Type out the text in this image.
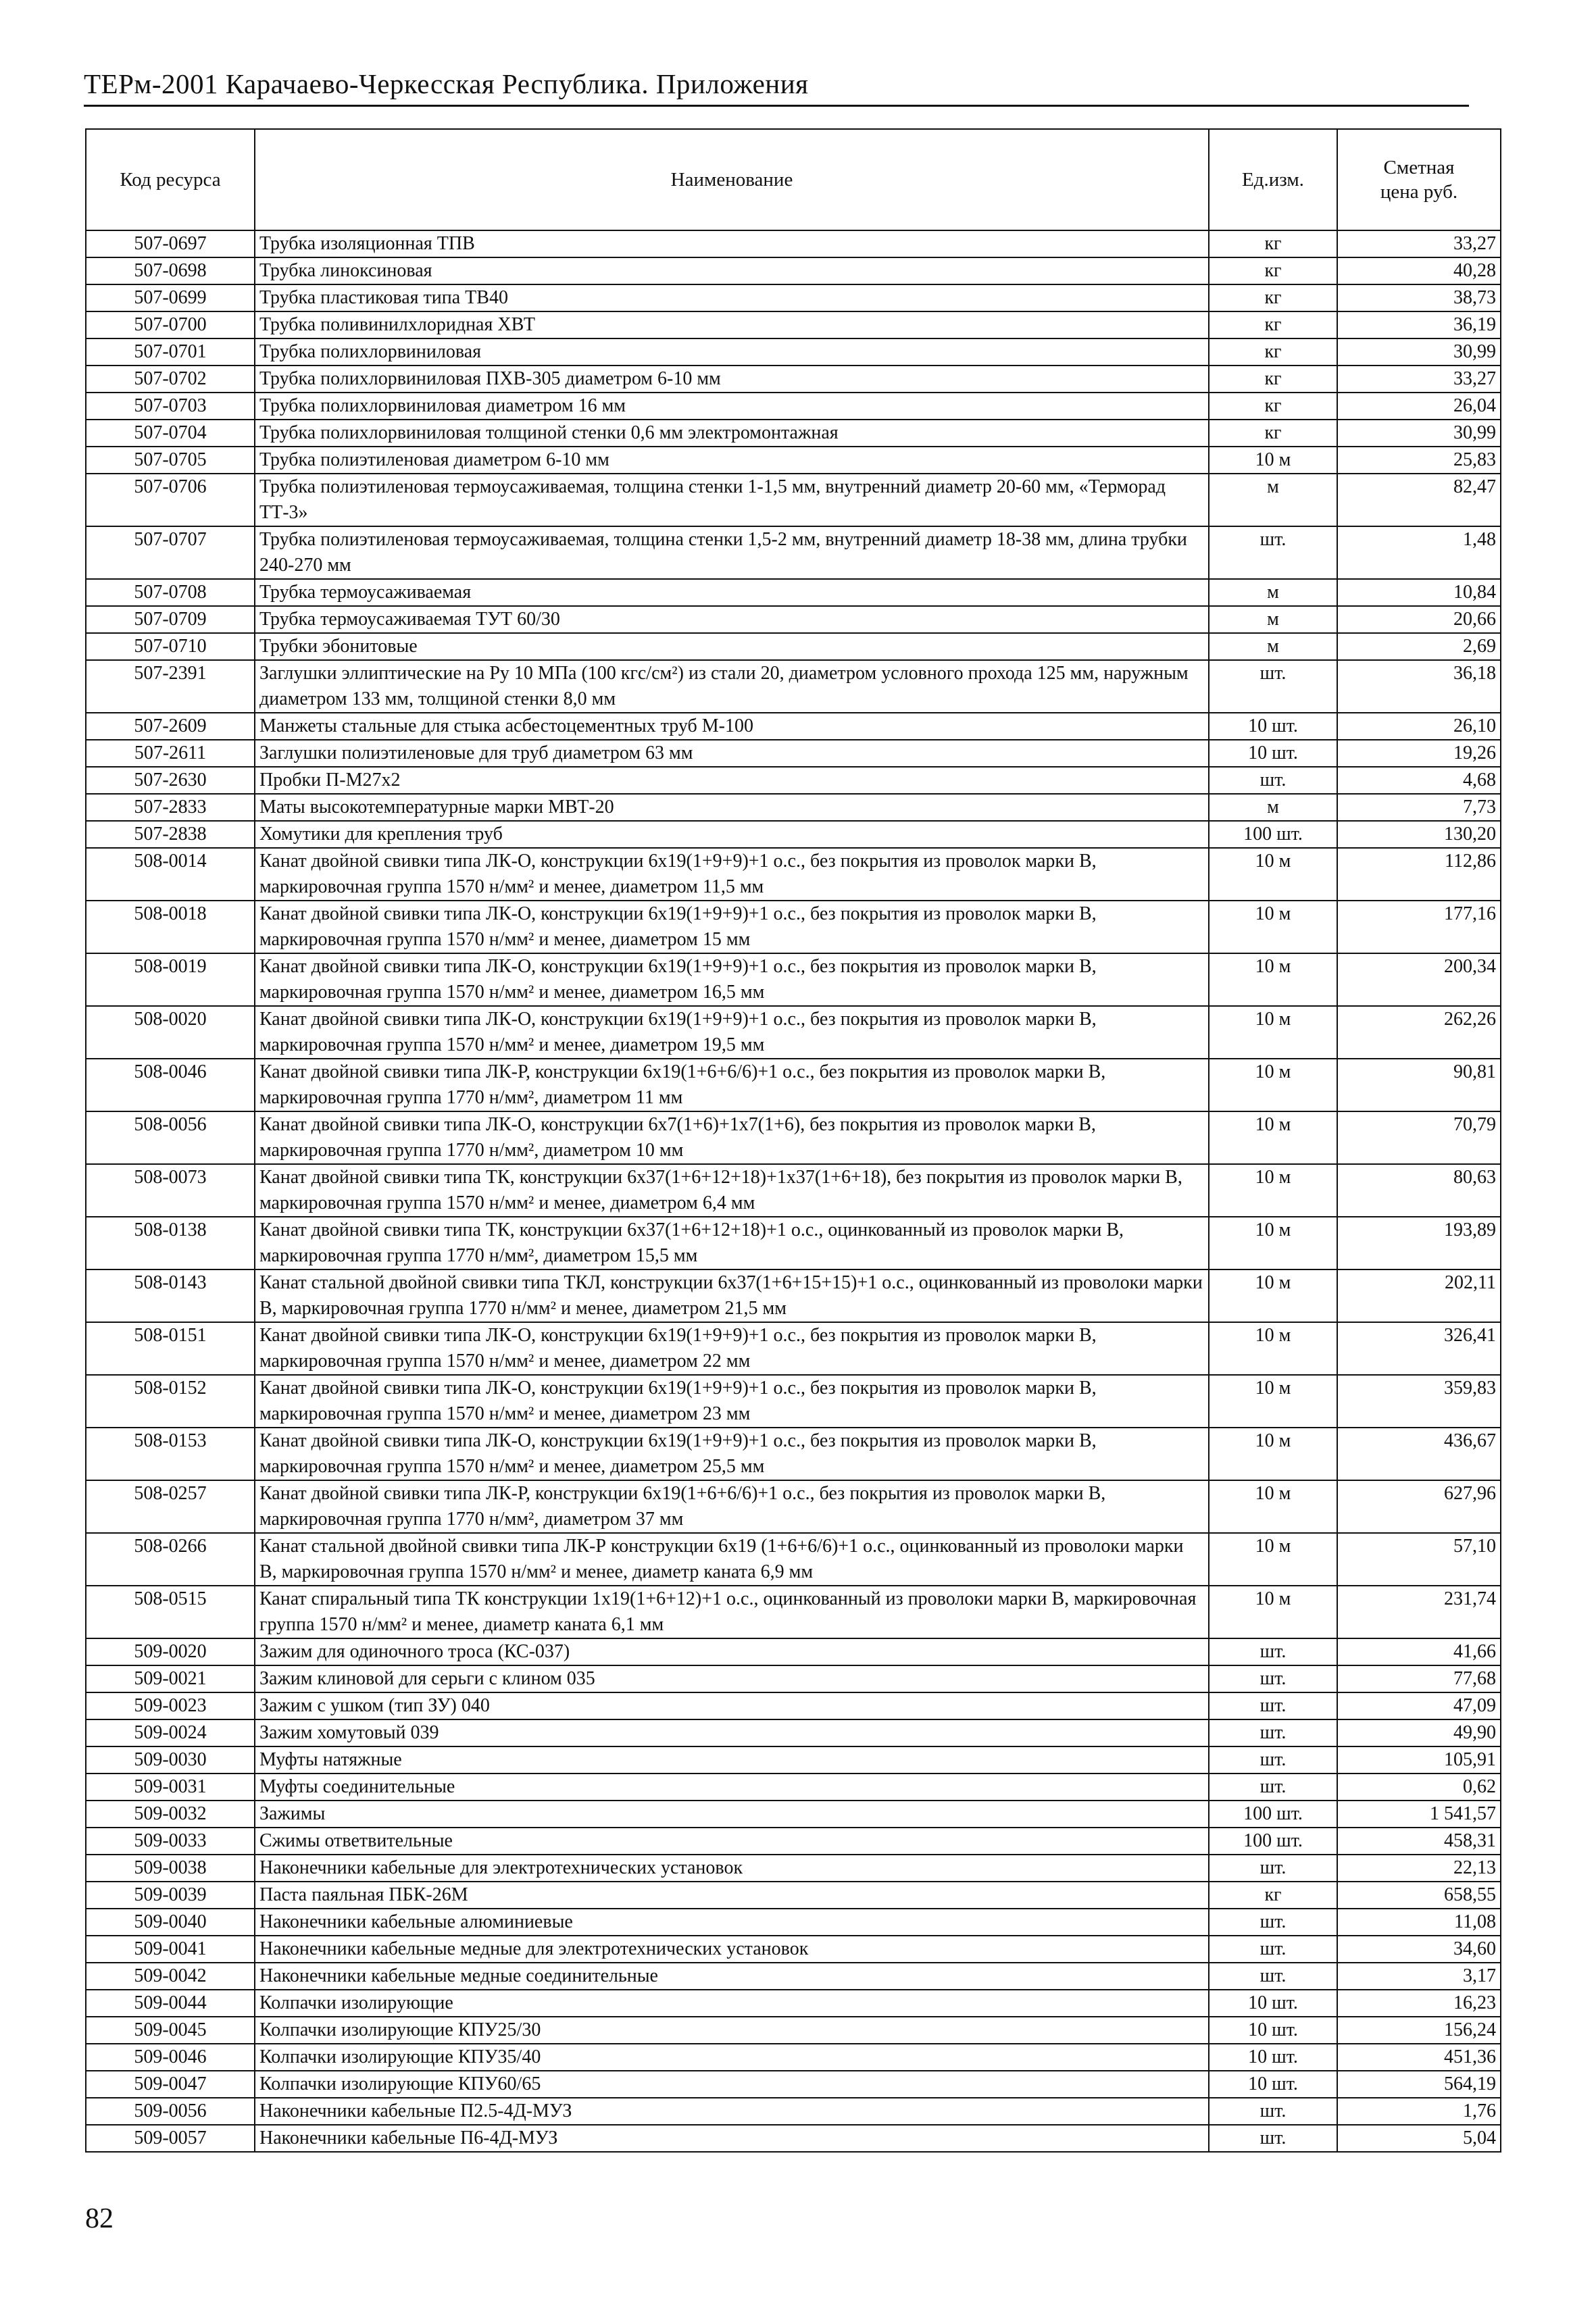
ТЕРм-2001 Карачаево-Черкесская Республика. Приложения
Код ресурса	Наименование	Ед.изм.	Сметная цена руб.
507-0697	Трубка изоляционная ТПВ	кг	33,27
507-0698	Трубка линоксиновая	кг	40,28
507-0699	Трубка пластиковая типа ТВ40	кг	38,73
507-0700	Трубка поливинилхлоридная ХВТ	кг	36,19
507-0701	Трубка полихлорвиниловая	кг	30,99
507-0702	Трубка полихлорвиниловая ПХВ-305 диаметром 6-10 мм	кг	33,27
507-0703	Трубка полихлорвиниловая диаметром 16 мм	кг	26,04
507-0704	Трубка полихлорвиниловая толщиной стенки 0,6 мм электромонтажная	кг	30,99
507-0705	Трубка полиэтиленовая диаметром 6-10 мм	10 м	25,83
507-0706	Трубка полиэтиленовая термоусаживаемая, толщина стенки 1-1,5 мм, внутренний диаметр 20-60 мм, «Терморад ТТ-3»	м	82,47
507-0707	Трубка полиэтиленовая термоусаживаемая, толщина стенки 1,5-2 мм, внутренний диаметр 18-38 мм, длина трубки 240-270 мм	шт.	1,48
507-0708	Трубка термоусаживаемая	м	10,84
507-0709	Трубка термоусаживаемая ТУТ 60/30	м	20,66
507-0710	Трубки эбонитовые	м	2,69
507-2391	Заглушки эллиптические на Ру 10 МПа (100 кгс/см²) из стали 20, диаметром условного прохода 125 мм, наружным диаметром 133 мм, толщиной стенки 8,0 мм	шт.	36,18
507-2609	Манжеты стальные для стыка асбестоцементных труб М-100	10 шт.	26,10
507-2611	Заглушки полиэтиленовые для труб диаметром 63 мм	10 шт.	19,26
507-2630	Пробки П-М27х2	шт.	4,68
507-2833	Маты высокотемпературные марки МВТ-20	м	7,73
507-2838	Хомутики для крепления труб	100 шт.	130,20
508-0014	Канат двойной свивки типа ЛК-О, конструкции 6х19(1+9+9)+1 о.с., без покрытия из проволок марки В, маркировочная группа 1570 н/мм² и менее, диаметром 11,5 мм	10 м	112,86
508-0018	Канат двойной свивки типа ЛК-О, конструкции 6х19(1+9+9)+1 о.с., без покрытия из проволок марки В, маркировочная группа 1570 н/мм² и менее, диаметром 15 мм	10 м	177,16
508-0019	Канат двойной свивки типа ЛК-О, конструкции 6х19(1+9+9)+1 о.с., без покрытия из проволок марки В, маркировочная группа 1570 н/мм² и менее, диаметром 16,5 мм	10 м	200,34
508-0020	Канат двойной свивки типа ЛК-О, конструкции 6х19(1+9+9)+1 о.с., без покрытия из проволок марки В, маркировочная группа 1570 н/мм² и менее, диаметром 19,5 мм	10 м	262,26
508-0046	Канат двойной свивки типа ЛК-Р, конструкции 6х19(1+6+6/6)+1 о.с., без покрытия из проволок марки В, маркировочная группа 1770 н/мм², диаметром 11 мм	10 м	90,81
508-0056	Канат двойной свивки типа ЛК-О, конструкции 6х7(1+6)+1х7(1+6), без покрытия из проволок марки В, маркировочная группа 1770 н/мм², диаметром 10 мм	10 м	70,79
508-0073	Канат двойной свивки типа ТК, конструкции 6х37(1+6+12+18)+1х37(1+6+18), без покрытия из проволок марки В, маркировочная группа 1570 н/мм² и менее, диаметром 6,4 мм	10 м	80,63
508-0138	Канат двойной свивки типа ТК, конструкции 6х37(1+6+12+18)+1 о.с., оцинкованный из проволок марки В, маркировочная группа 1770 н/мм², диаметром 15,5 мм	10 м	193,89
508-0143	Канат стальной двойной свивки типа ТКЛ, конструкции 6х37(1+6+15+15)+1 о.с., оцинкованный из проволоки марки В, маркировочная группа 1770 н/мм² и менее, диаметром 21,5 мм	10 м	202,11
508-0151	Канат двойной свивки типа ЛК-О, конструкции 6х19(1+9+9)+1 о.с., без покрытия из проволок марки В, маркировочная группа 1570 н/мм² и менее, диаметром 22 мм	10 м	326,41
508-0152	Канат двойной свивки типа ЛК-О, конструкции 6х19(1+9+9)+1 о.с., без покрытия из проволок марки В, маркировочная группа 1570 н/мм² и менее, диаметром 23 мм	10 м	359,83
508-0153	Канат двойной свивки типа ЛК-О, конструкции 6х19(1+9+9)+1 о.с., без покрытия из проволок марки В, маркировочная группа 1570 н/мм² и менее, диаметром 25,5 мм	10 м	436,67
508-0257	Канат двойной свивки типа ЛК-Р, конструкции 6х19(1+6+6/6)+1 о.с., без покрытия из проволок марки В, маркировочная группа 1770 н/мм², диаметром 37 мм	10 м	627,96
508-0266	Канат стальной двойной свивки типа ЛК-Р конструкции 6х19 (1+6+6/6)+1 о.с., оцинкованный из проволоки марки В, маркировочная группа 1570 н/мм² и менее, диаметр каната 6,9 мм	10 м	57,10
508-0515	Канат спиральный типа ТК конструкции 1х19(1+6+12)+1 о.с., оцинкованный из проволоки марки В, маркировочная группа 1570 н/мм² и менее, диаметр каната 6,1 мм	10 м	231,74
509-0020	Зажим для одиночного троса (КС-037)	шт.	41,66
509-0021	Зажим клиновой для серьги с клином 035	шт.	77,68
509-0023	Зажим с ушком (тип ЗУ) 040	шт.	47,09
509-0024	Зажим хомутовый 039	шт.	49,90
509-0030	Муфты натяжные	шт.	105,91
509-0031	Муфты соединительные	шт.	0,62
509-0032	Зажимы	100 шт.	1 541,57
509-0033	Сжимы ответвительные	100 шт.	458,31
509-0038	Наконечники кабельные для электротехнических установок	шт.	22,13
509-0039	Паста паяльная ПБК-26М	кг	658,55
509-0040	Наконечники кабельные алюминиевые	шт.	11,08
509-0041	Наконечники кабельные медные для электротехнических установок	шт.	34,60
509-0042	Наконечники кабельные медные соединительные	шт.	3,17
509-0044	Колпачки изолирующие	10 шт.	16,23
509-0045	Колпачки изолирующие КПУ25/30	10 шт.	156,24
509-0046	Колпачки изолирующие КПУ35/40	10 шт.	451,36
509-0047	Колпачки изолирующие КПУ60/65	10 шт.	564,19
509-0056	Наконечники кабельные П2.5-4Д-МУЗ	шт.	1,76
509-0057	Наконечники кабельные П6-4Д-МУЗ	шт.	5,04
82
